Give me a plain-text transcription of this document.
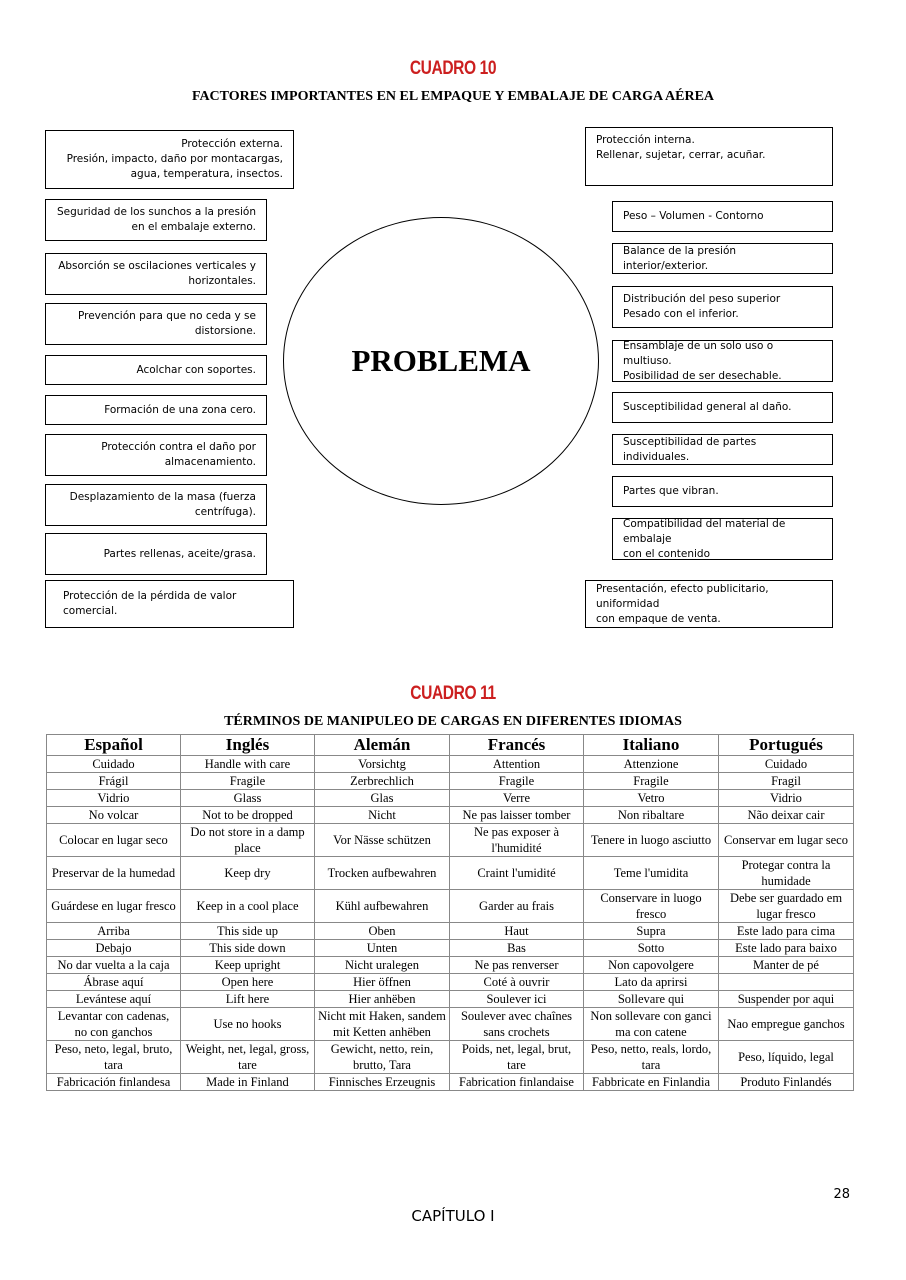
CUADRO 10
FACTORES IMPORTANTES EN EL EMPAQUE Y EMBALAJE DE CARGA AÉREA
PROBLEMA
Protección externa.
Presión, impacto, daño por montacargas,
agua, temperatura, insectos.
Seguridad de los sunchos a la presión
en el embalaje externo.
Absorción se oscilaciones verticales y
horizontales.
Prevención para que no ceda y se
distorsione.
Acolchar con soportes.
Formación de una zona cero.
Protección contra el daño por
almacenamiento.
Desplazamiento de la masa (fuerza
centrífuga).
Partes rellenas, aceite/grasa.
Protección de la pérdida de valor comercial.
Protección interna.
Rellenar, sujetar, cerrar, acuñar.
Peso – Volumen - Contorno
Balance de la presión interior/exterior.
Distribución del peso superior
Pesado con el inferior.
Ensamblaje de un solo uso o multiuso.
Posibilidad de ser desechable.
Susceptibilidad general al daño.
Susceptibilidad de partes individuales.
Partes que vibran.
Compatibilidad del material de embalaje
con el contenido
Presentación, efecto publicitario, uniformidad
con empaque de venta.
CUADRO 11
TÉRMINOS DE MANIPULEO DE CARGAS EN DIFERENTES IDIOMAS
Español	Inglés	Alemán	Francés	Italiano	Portugués
Cuidado	Handle with care	Vorsichtg	Attention	Attenzione	Cuidado
Frágil	Fragile	Zerbrechlich	Fragile	Fragile	Fragil
Vidrio	Glass	Glas	Verre	Vetro	Vidrio
No volcar	Not to be dropped	Nicht	Ne pas laisser tomber	Non ribaltare	Não deixar cair
Colocar en lugar seco	Do not store in a damp place	Vor Nässe schützen	Ne pas exposer à l'humidité	Tenere in luogo asciutto	Conservar em lugar seco
Preservar de la humedad	Keep dry	Trocken aufbewahren	Craint l'umidité	Teme l'umidita	Protegar contra la humidade
Guárdese en lugar fresco	Keep in a cool place	Kühl aufbewahren	Garder au frais	Conservare in luogo fresco	Debe ser guardado em lugar fresco
Arriba	This side up	Oben	Haut	Supra	Este lado para cima
Debajo	This side down	Unten	Bas	Sotto	Este lado para baixo
No dar vuelta a la caja	Keep upright	Nicht uralegen	Ne pas renverser	Non capovolgere	Manter de pé
Ábrase aquí	Open here	Hier öffnen	Coté à ouvrir	Lato da aprirsi	
Levántese aquí	Lift here	Hier anhëben	Soulever ici	Sollevare qui	Suspender por aqui
Levantar con cadenas, no con ganchos	Use no hooks	Nicht mit Haken, sandem mit Ketten anhëben	Soulever avec chaînes sans crochets	Non sollevare con ganci ma con catene	Nao empregue ganchos
Peso, neto, legal, bruto, tara	Weight, net, legal, gross, tare	Gewicht, netto, rein, brutto, Tara	Poids, net, legal, brut, tare	Peso, netto, reals, lordo, tara	Peso, líquido, legal
Fabricación finlandesa	Made in Finland	Finnisches Erzeugnis	Fabrication finlandaise	Fabbricate en Finlandia	Produto Finlandés
28
CAPÍTULO I
